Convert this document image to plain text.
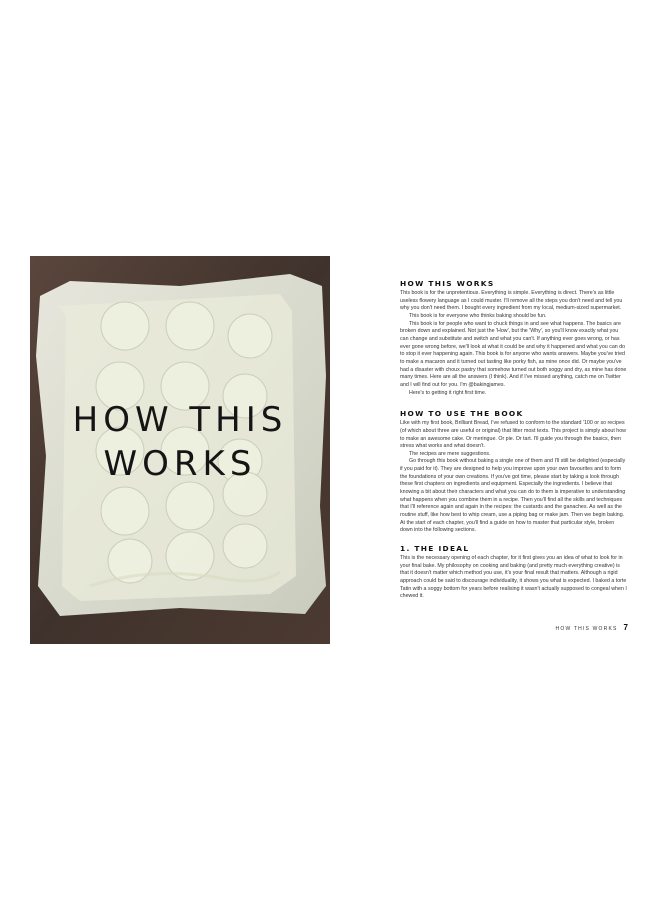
HOW THIS
WORKS
HOW THIS WORKS

This book is for the unpretentious. Everything is simple. Everything is direct. There's as little useless flowery language as I could muster. I'll remove all the steps you don't need and tell you why you don't need them. I bought every ingredient from my local, medium-sized supermarket.

This book is for everyone who thinks baking should be fun.

This book is for people who want to chuck things in and see what happens. The basics are broken down and explained. Not just the 'How', but the 'Why', so you'll know exactly what you can change and substitute and switch and what you can't. If anything ever goes wrong, or has ever gone wrong before, we'll look at what it could be and why it happened and what you can do to stop it ever happening again. This book is for anyone who wants answers. Maybe you've tried to make a macaron and it turned out tasting like porky fish, as mine once did. Or maybe you've had a disaster with choux pastry that somehow turned out both soggy and dry, as mine has done many times. Here are all the answers (I think). And if I've missed anything, catch me on Twitter and I will find out for you. I'm @bakingjames.

Here's to getting it right first time.

HOW TO USE THE BOOK

Like with my first book, Brilliant Bread, I've refused to conform to the standard '100 or so recipes (of which about three are useful or original) that litter most texts. This project is simply about how to make an awesome cake. Or meringue. Or pie. Or tart. I'll guide you through the basics, then stress what works and what doesn't.

The recipes are mere suggestions.

Go through this book without baking a single one of them and I'll still be delighted (especially if you paid for it). They are designed to help you improve upon your own favourites and to form the foundations of your own creations. If you've got time, please start by taking a look through these first chapters on ingredients and equipment. Especially the ingredients. I believe that knowing a bit about their characters and what you can do to them is imperative to understanding what happens when you combine them in a recipe. Then you'll find all the skills and techniques that I'll reference again and again in the recipes: the custards and the ganaches. As well as the routine stuff, like how best to whip cream, use a piping bag or make jam. Then we begin baking. At the start of each chapter, you'll find a guide on how to master that particular style, broken down into the following sections.

1. THE IDEAL

This is the necessary opening of each chapter, for it first gives you an idea of what to look for in your final bake. My philosophy on cooking and baking (and pretty much everything creative) is that it doesn't matter which method you use, it's your final result that matters. Although a rigid approach could be said to discourage individuality, it shows you what is expected. I baked a torte Tatin with a soggy bottom for years before realising it wasn't actually supposed to congeal when I chewed it.

HOW THIS WORKS 7
